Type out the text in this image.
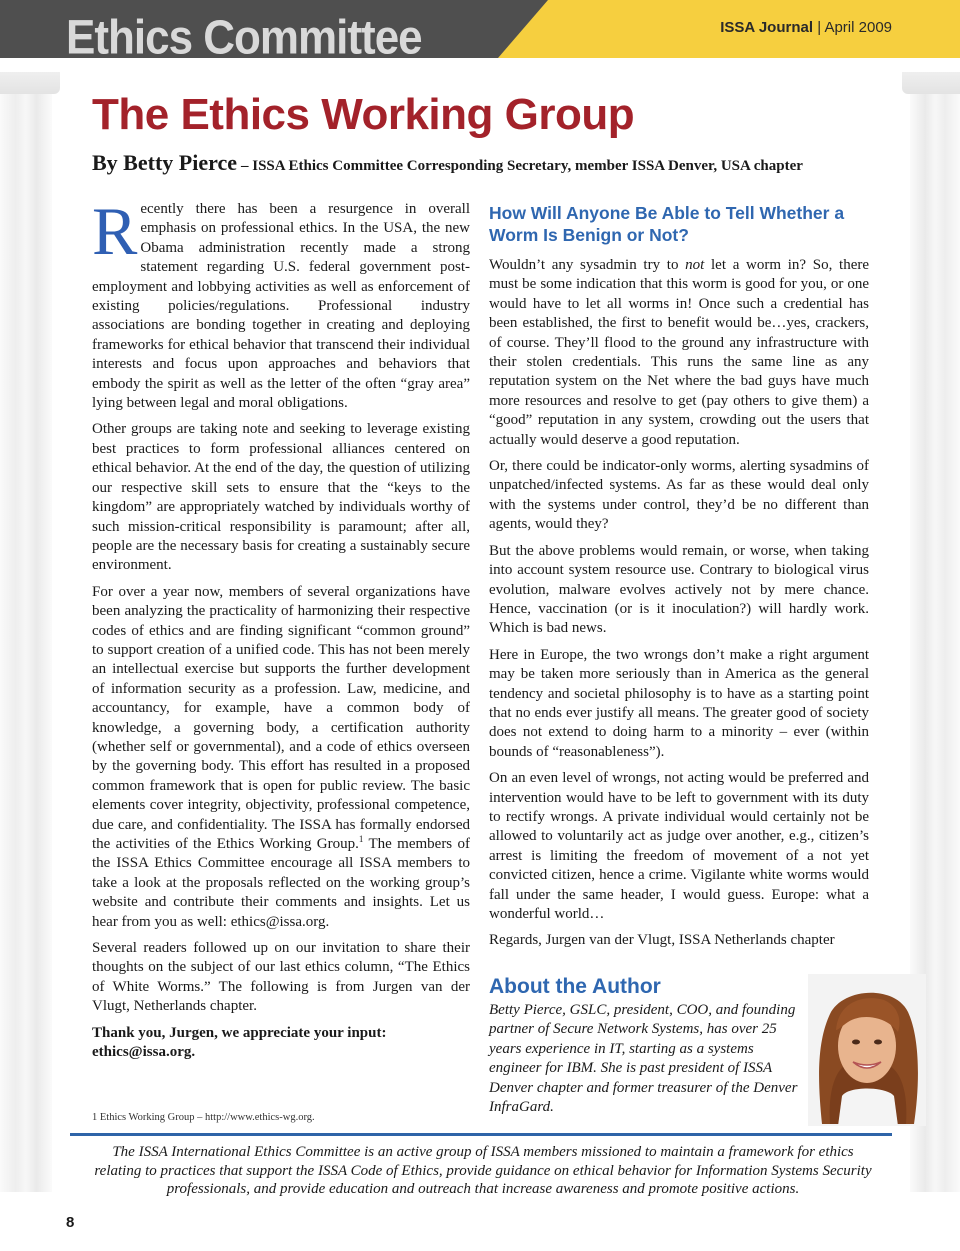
Ethics Committee	ISSA Journal | April 2009
The Ethics Working Group
By Betty Pierce – ISSA Ethics Committee Corresponding Secretary, member ISSA Denver, USA chapter

Recently there has been a resurgence in overall emphasis on professional ethics. In the USA, the new Obama administration recently made a strong statement regarding U.S. federal government post-employment and lobbying activities as well as enforcement of existing policies/regulations. Professional industry associations are bonding together in creating and deploying frameworks for ethical behavior that transcend their individual interests and focus upon approaches and behaviors that embody the spirit as well as the letter of the often “gray area” lying between legal and moral obligations.

Other groups are taking note and seeking to leverage existing best practices to form professional alliances centered on ethical behavior. At the end of the day, the question of utilizing our respective skill sets to ensure that the “keys to the kingdom” are appropriately watched by individuals worthy of such mission-critical responsibility is paramount; after all, people are the necessary basis for creating a sustainably secure environment.

For over a year now, members of several organizations have been analyzing the practicality of harmonizing their respective codes of ethics and are finding significant “common ground” to support creation of a unified code. This has not been merely an intellectual exercise but supports the further development of information security as a profession. Law, medicine, and accountancy, for example, have a common body of knowledge, a governing body, a certification authority (whether self or governmental), and a code of ethics overseen by the governing body. This effort has resulted in a proposed common framework that is open for public review. The basic elements cover integrity, objectivity, professional competence, due care, and confidentiality. The ISSA has formally endorsed the activities of the Ethics Working Group.$^1$ The members of the ISSA Ethics Committee encourage all ISSA members to take a look at the proposals reflected on the working group’s website and contribute their comments and insights. Let us hear from you as well: ethics@issa.org.

Several readers followed up on our invitation to share their thoughts on the subject of our last ethics column, “The Ethics of White Worms.” The following is from Jurgen van der Vlugt, Netherlands chapter.

Thank you, Jurgen, we appreciate your input: ethics@issa.org.

1 Ethics Working Group – http://www.ethics-wg.org.
How Will Anyone Be Able to Tell Whether a Worm Is Benign or Not?

Wouldn’t any sysadmin try to not let a worm in? So, there must be some indication that this worm is good for you, or one would have to let all worms in! Once such a credential has been established, the first to benefit would be…yes, crackers, of course. They’ll flood to the ground any infrastructure with their stolen credentials. This runs the same line as any reputation system on the Net where the bad guys have much more resources and resolve to get (pay others to give them) a “good” reputation in any system, crowding out the users that actually would deserve a good reputation.

Or, there could be indicator-only worms, alerting sysadmins of unpatched/infected systems. As far as these would deal only with the systems under control, they’d be no different than agents, would they?

But the above problems would remain, or worse, when taking into account system resource use. Contrary to biological virus evolution, malware evolves actively not by mere chance. Hence, vaccination (or is it inoculation?) will hardly work. Which is bad news.

Here in Europe, the two wrongs don’t make a right argument may be taken more seriously than in America as the general tendency and societal philosophy is to have as a starting point that no ends ever justify all means. The greater good of society does not extend to doing harm to a minority – ever (within bounds of “reasonableness”).

On an even level of wrongs, not acting would be preferred and intervention would have to be left to government with its duty to rectify wrongs. A private individual would certainly not be allowed to voluntarily act as judge over another, e.g., citizen’s arrest is limiting the freedom of movement of a not yet convicted citizen, hence a crime. Vigilante white worms would fall under the same header, I would guess. Europe: what a wonderful world…

Regards, Jurgen van der Vlugt, ISSA Netherlands chapter

About the Author
Betty Pierce, GSLC, president, COO, and founding partner of Secure Network Systems, has over 25 years experience in IT, starting as a systems engineer for IBM. She is past president of ISSA Denver chapter and former treasurer of the Denver InfraGard.
The ISSA International Ethics Committee is an active group of ISSA members missioned to maintain a framework for ethics relating to practices that support the ISSA Code of Ethics, provide guidance on ethical behavior for Information Systems Security professionals, and provide education and outreach that increase awareness and promote positive actions.
8
